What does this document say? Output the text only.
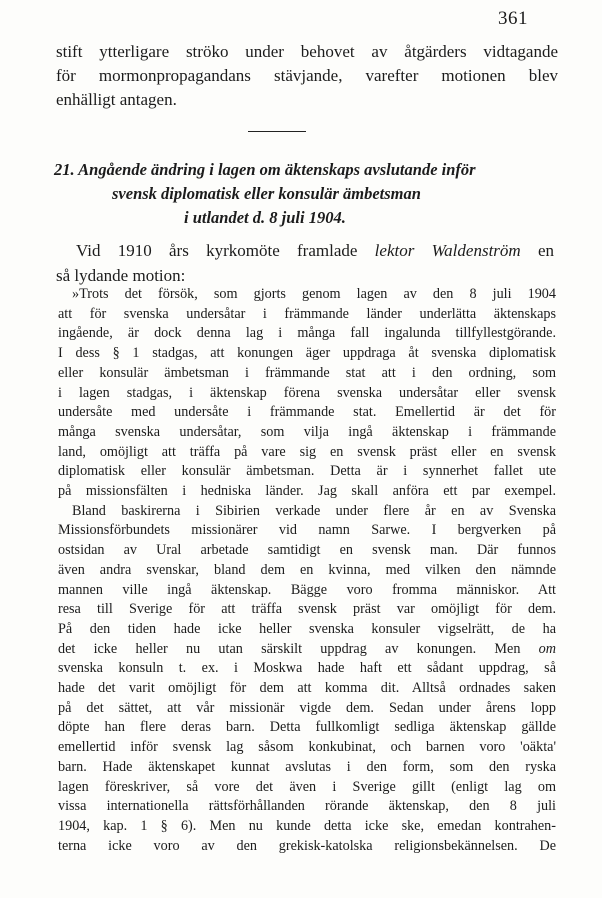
361

stift ytterligare ströko under behovet av åtgärders vidtagande
för mormonpropagandans stävjande, varefter motionen blev
enhälligt antagen.

21. Angående ändring i lagen om äktenskaps avslutande inför
svensk diplomatisk eller konsulär ämbetsman
i utlandet d. 8 juli 1904.

Vid 1910 års kyrkomöte framlade lektor Waldenström en
så lydande motion:

»Trots det försök, som gjorts genom lagen av den 8 juli 1904
att för svenska undersåtar i främmande länder underlätta äktenskaps
ingående, är dock denna lag i många fall ingalunda tillfyllestgörande.
I dess § 1 stadgas, att konungen äger uppdraga åt svenska diplomatisk
eller konsulär ämbetsman i främmande stat att i den ordning, som
i lagen stadgas, i äktenskap förena svenska undersåtar eller svensk
undersåte med undersåte i främmande stat. Emellertid är det för
många svenska undersåtar, som vilja ingå äktenskap i främmande
land, omöjligt att träffa på vare sig en svensk präst eller en svensk
diplomatisk eller konsulär ämbetsman. Detta är i synnerhet fallet ute
på missionsfälten i hedniska länder. Jag skall anföra ett par exempel.
Bland baskirerna i Sibirien verkade under flere år en av Svenska
Missionsförbundets missionärer vid namn Sarwe. I bergverken på
ostsidan av Ural arbetade samtidigt en svensk man. Där funnos
även andra svenskar, bland dem en kvinna, med vilken den nämnde
mannen ville ingå äktenskap. Bägge voro fromma människor. Att
resa till Sverige för att träffa svensk präst var omöjligt för dem.
På den tiden hade icke heller svenska konsuler vigselrätt, de ha
det icke heller nu utan särskilt uppdrag av konungen. Men om
svenska konsuln t. ex. i Moskwa hade haft ett sådant uppdrag, så
hade det varit omöjligt för dem att komma dit. Alltså ordnades saken
på det sättet, att vår missionär vigde dem. Sedan under årens lopp
döpte han flere deras barn. Detta fullkomligt sedliga äktenskap gällde
emellertid inför svensk lag såsom konkubinat, och barnen voro 'oäkta'
barn. Hade äktenskapet kunnat avslutas i den form, som den ryska
lagen föreskriver, så vore det även i Sverige gillt (enligt lag om
vissa internationella rättsförhållanden rörande äktenskap, den 8 juli
1904, kap. 1 § 6). Men nu kunde detta icke ske, emedan kontrahen-
terna icke voro av den grekisk-katolska religionsbekännelsen. De
